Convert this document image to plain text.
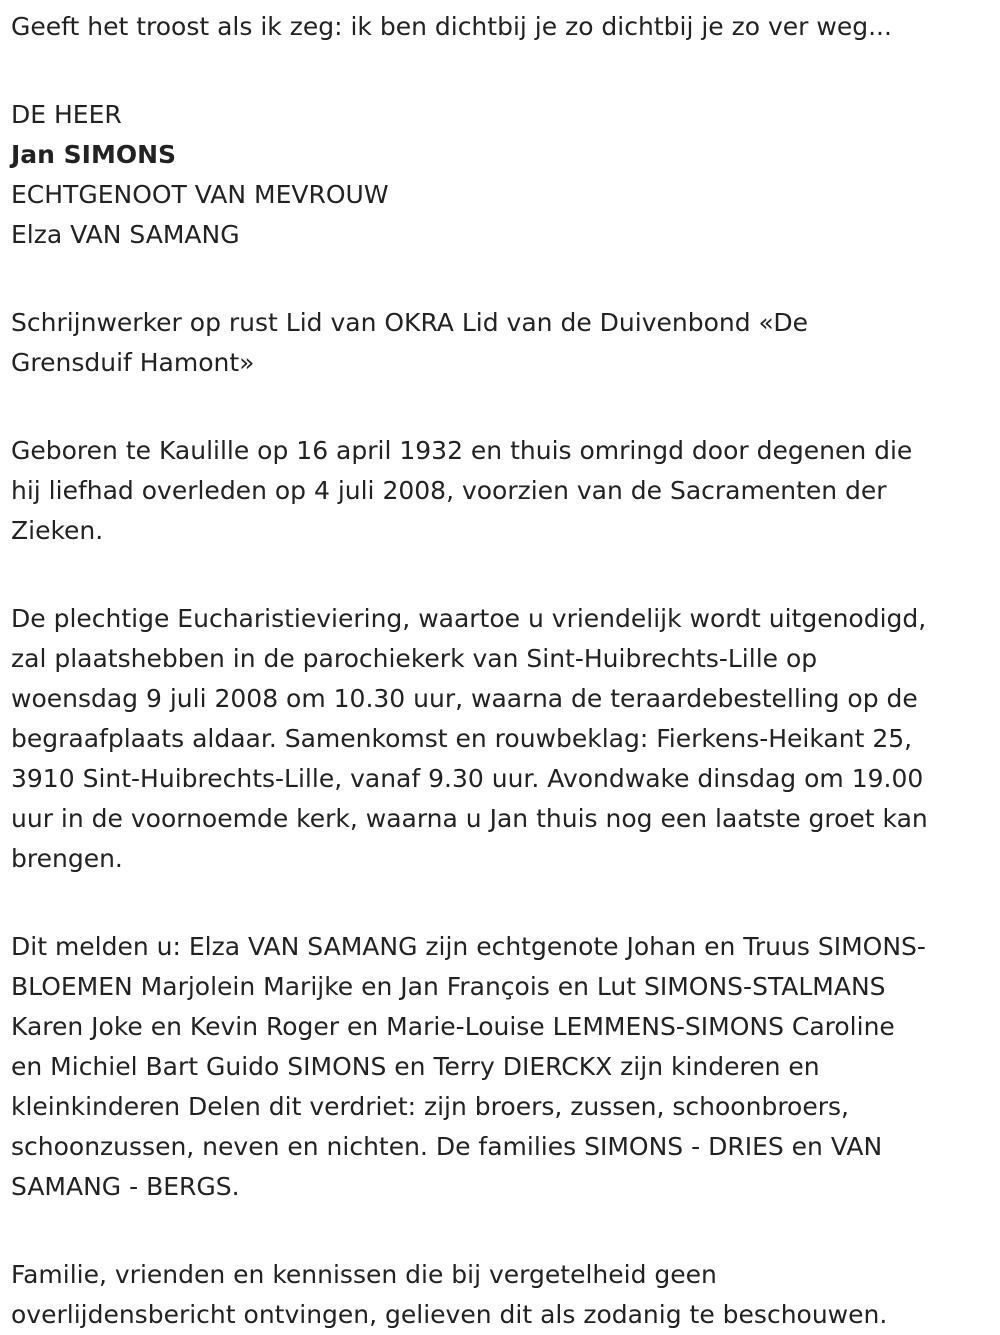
Geeft het troost als ik zeg: ik ben dichtbij je zo dichtbij je zo ver weg...

DE HEER

Jan SIMONS

ECHTGENOOT VAN MEVROUW

Elza VAN SAMANG

Schrijnwerker op rust Lid van OKRA Lid van de Duivenbond «De

Grensduif Hamont»

Geboren te Kaulille op 16 april 1932 en thuis omringd door degenen die

hij liefhad overleden op 4 juli 2008, voorzien van de Sacramenten der

Zieken.

De plechtige Eucharistieviering, waartoe u vriendelijk wordt uitgenodigd,

zal plaatshebben in de parochiekerk van Sint-Huibrechts-Lille op

woensdag 9 juli 2008 om 10.30 uur, waarna de teraardebestelling op de

begraafplaats aldaar. Samenkomst en rouwbeklag: Fierkens-Heikant 25,

3910 Sint-Huibrechts-Lille, vanaf 9.30 uur. Avondwake dinsdag om 19.00

uur in de voornoemde kerk, waarna u Jan thuis nog een laatste groet kan

brengen.

Dit melden u: Elza VAN SAMANG zijn echtgenote Johan en Truus SIMONS-

BLOEMEN Marjolein Marijke en Jan François en Lut SIMONS-STALMANS

Karen Joke en Kevin Roger en Marie-Louise LEMMENS-SIMONS Caroline

en Michiel Bart Guido SIMONS en Terry DIERCKX zijn kinderen en

kleinkinderen Delen dit verdriet: zijn broers, zussen, schoonbroers,

schoonzussen, neven en nichten. De families SIMONS - DRIES en VAN

SAMANG - BERGS.

Familie, vrienden en kennissen die bij vergetelheid geen

overlijdensbericht ontvingen, gelieven dit als zodanig te beschouwen.
